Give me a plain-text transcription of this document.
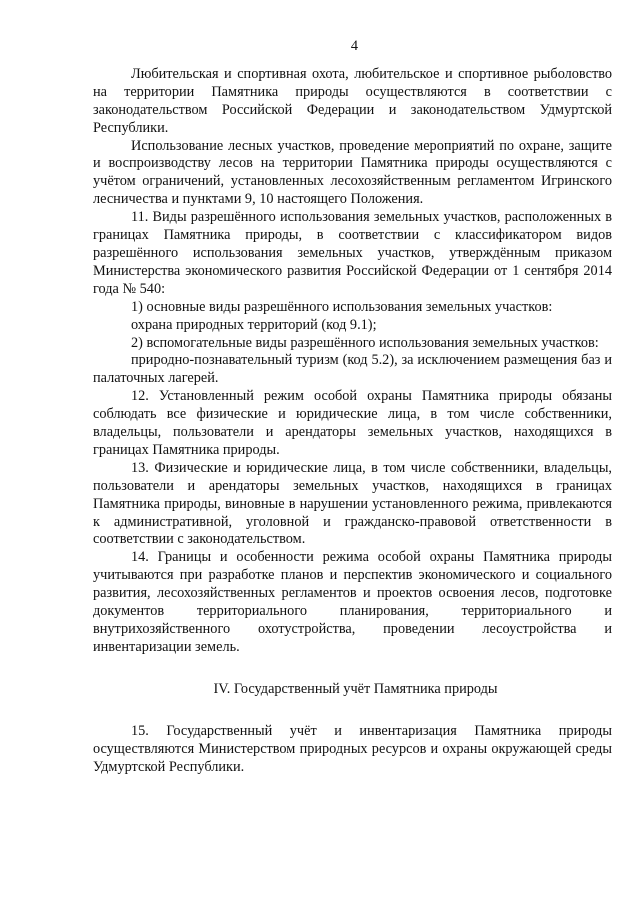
4

Любительская и спортивная охота, любительское и спортивное рыболовство на территории Памятника природы осуществляются в соответствии с законодательством Российской Федерации и законодательством Удмуртской Республики.

Использование лесных участков, проведение мероприятий по охране, защите и воспроизводству лесов на территории Памятника природы осуществляются с учётом ограничений, установленных лесохозяйственным регламентом Игринского лесничества и пунктами 9, 10 настоящего Положения.

11. Виды разрешённого использования земельных участков, расположенных в границах Памятника природы, в соответствии с классификатором видов разрешённого использования земельных участков, утверждённым приказом Министерства экономического развития Российской Федерации от 1 сентября 2014 года № 540:

1) основные виды разрешённого использования земельных участков:

охрана природных территорий (код 9.1);

2) вспомогательные виды разрешённого использования земельных участков:

природно-познавательный туризм (код 5.2), за исключением размещения баз и палаточных лагерей.

12. Установленный режим особой охраны Памятника природы обязаны соблюдать все физические и юридические лица, в том числе собственники, владельцы, пользователи и арендаторы земельных участков, находящихся в границах Памятника природы.

13. Физические и юридические лица, в том числе собственники, владельцы, пользователи и арендаторы земельных участков, находящихся в границах Памятника природы, виновные в нарушении установленного режима, привлекаются к административной, уголовной и гражданско-правовой ответственности в соответствии с законодательством.

14. Границы и особенности режима особой охраны Памятника природы учитываются при разработке планов и перспектив экономического и социального развития, лесохозяйственных регламентов и проектов освоения лесов, подготовке документов территориального планирования, территориального и внутрихозяйственного охотустройства, проведении лесоустройства и инвентаризации земель.

IV. Государственный учёт Памятника природы

15. Государственный учёт и инвентаризация Памятника природы осуществляются Министерством природных ресурсов и охраны окружающей среды Удмуртской Республики.
